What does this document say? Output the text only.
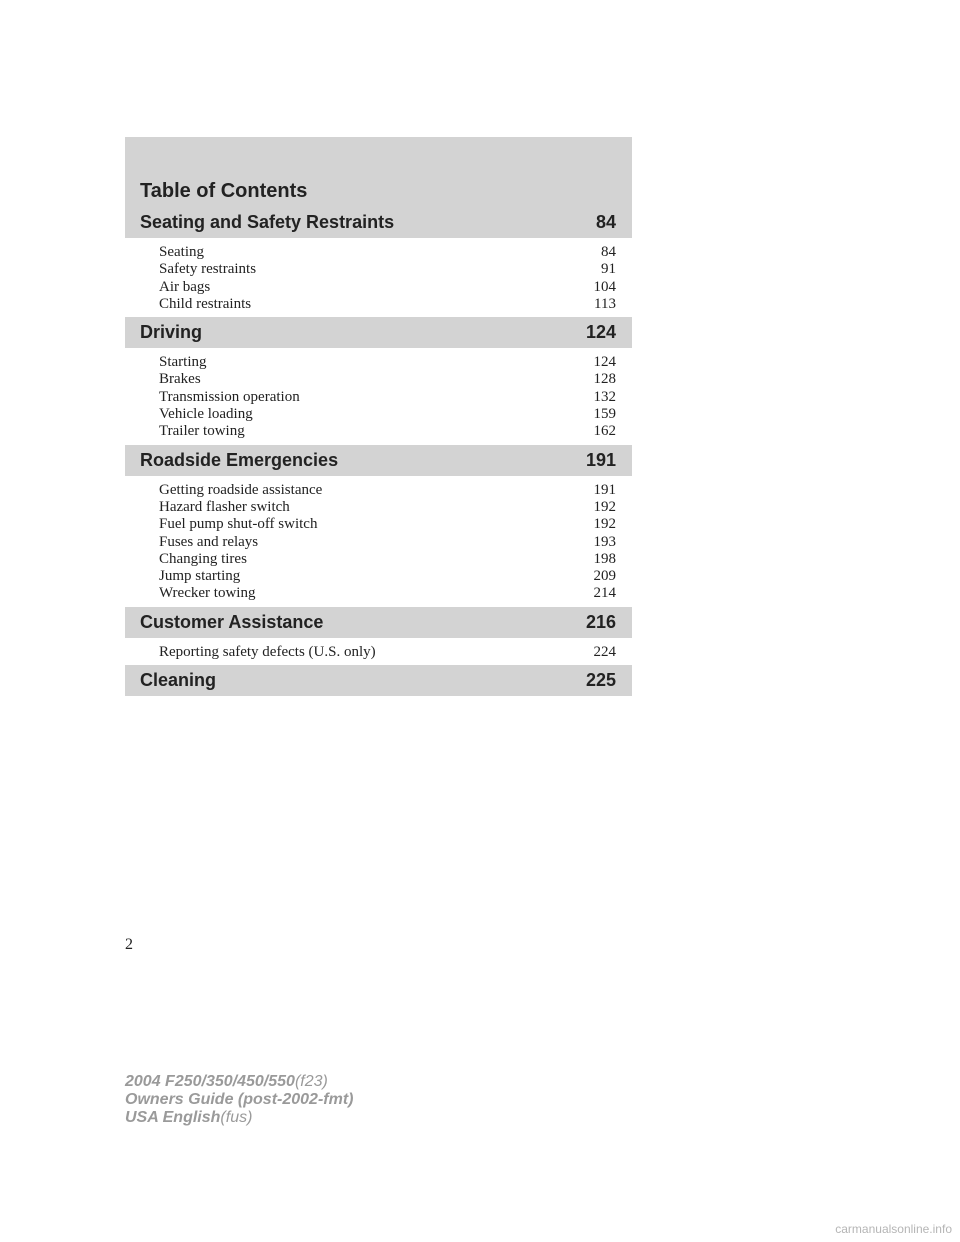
Table of Contents
Seating and Safety Restraints	84
Seating	84
Safety restraints	91
Air bags	104
Child restraints	113
Driving	124
Starting	124
Brakes	128
Transmission operation	132
Vehicle loading	159
Trailer towing	162
Roadside Emergencies	191
Getting roadside assistance	191
Hazard flasher switch	192
Fuel pump shut-off switch	192
Fuses and relays	193
Changing tires	198
Jump starting	209
Wrecker towing	214
Customer Assistance	216
Reporting safety defects (U.S. only)	224
Cleaning	225
2
2004 F250/350/450/550(f23)
Owners Guide (post-2002-fmt)
USA English(fus)
carmanualsonline.info
